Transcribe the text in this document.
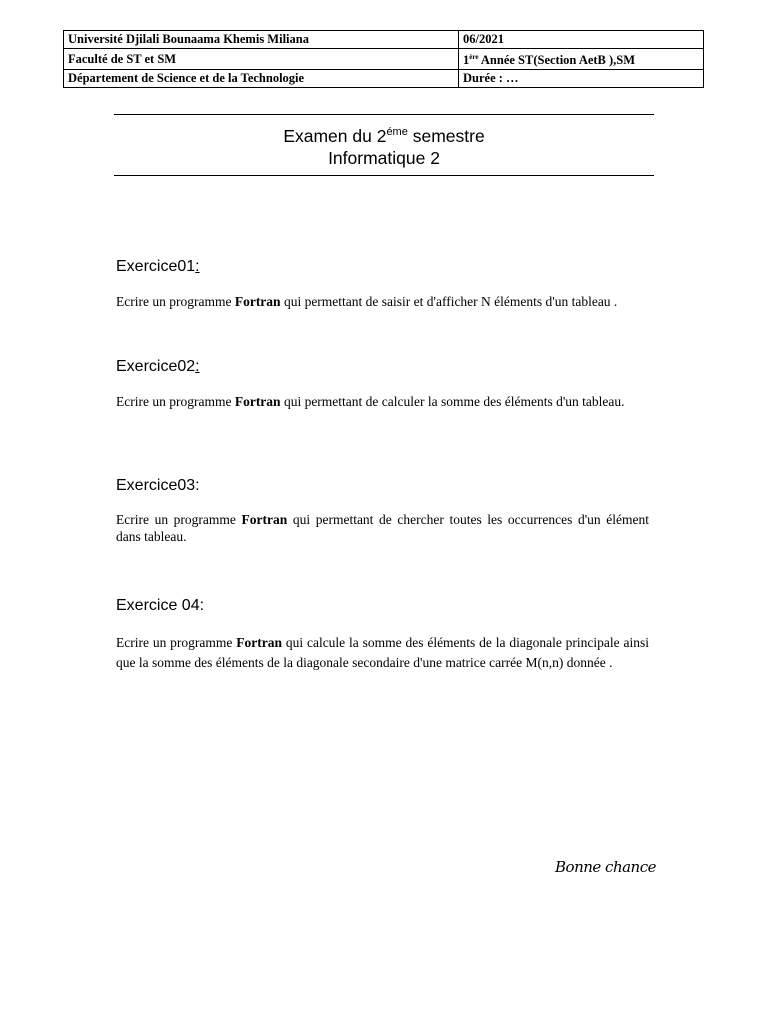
Université Djilali Bounaama Khemis Miliana	06/2021
Faculté de ST et SM	1ère Année ST(Section AetB ),SM
Département de Science et de la Technologie	Durée : …
Examen du $2^{éme}$ semestre
Informatique 2
Exercice01:
Ecrire un programme Fortran qui permettant de saisir et d'afficher N éléments d'un tableau .
Exercice02:
Ecrire un programme Fortran qui permettant de calculer la somme des éléments d'un tableau.
Exercice03:
Ecrire un programme Fortran qui permettant de chercher toutes les occurrences d'un élément dans tableau.
Exercice 04:
Ecrire un programme Fortran qui calcule la somme des éléments de la diagonale principale ainsi que la somme des éléments de la diagonale secondaire d'une matrice carrée M(n,n) donnée .
Bonne chance
